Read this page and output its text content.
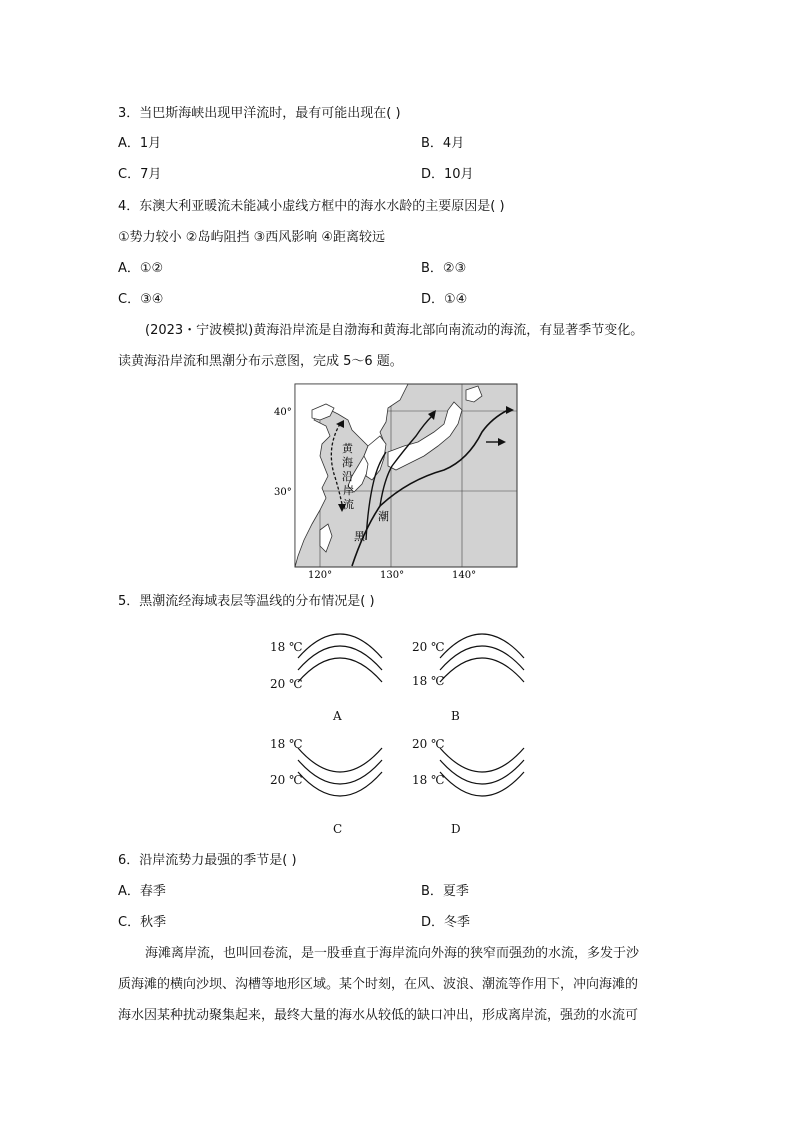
3．当巴斯海峡出现甲洋流时，最有可能出现在( )
A．1月	B．4月
C．7月	D．10月
4．东澳大利亚暖流未能减小虚线方框中的海水水龄的主要原因是( )
①势力较小 ②岛屿阻挡 ③西风影响 ④距离较远
A．①②	B．②③
C．③④	D．①④
(2023・宁波模拟)黄海沿岸流是自渤海和黄海北部向南流动的海流，有显著季节变化。
读黄海沿岸流和黑潮分布示意图，完成 5～6 题。
40°
30°
120°	130°	140°
黄
海
沿
岸
流
潮
黑
5．黑潮流经海域表层等温线的分布情况是( )
18 ℃
20 ℃
A
20 ℃
18 ℃
B
18 ℃
20 ℃
C
20 ℃
18 ℃
D
6．沿岸流势力最强的季节是( )
A．春季	B．夏季
C．秋季	D．冬季
海滩离岸流，也叫回卷流，是一股垂直于海岸流向外海的狭窄而强劲的水流，多发于沙
质海滩的横向沙坝、沟槽等地形区域。某个时刻，在风、波浪、潮流等作用下，冲向海滩的
海水因某种扰动聚集起来，最终大量的海水从较低的缺口冲出，形成离岸流，强劲的水流可
